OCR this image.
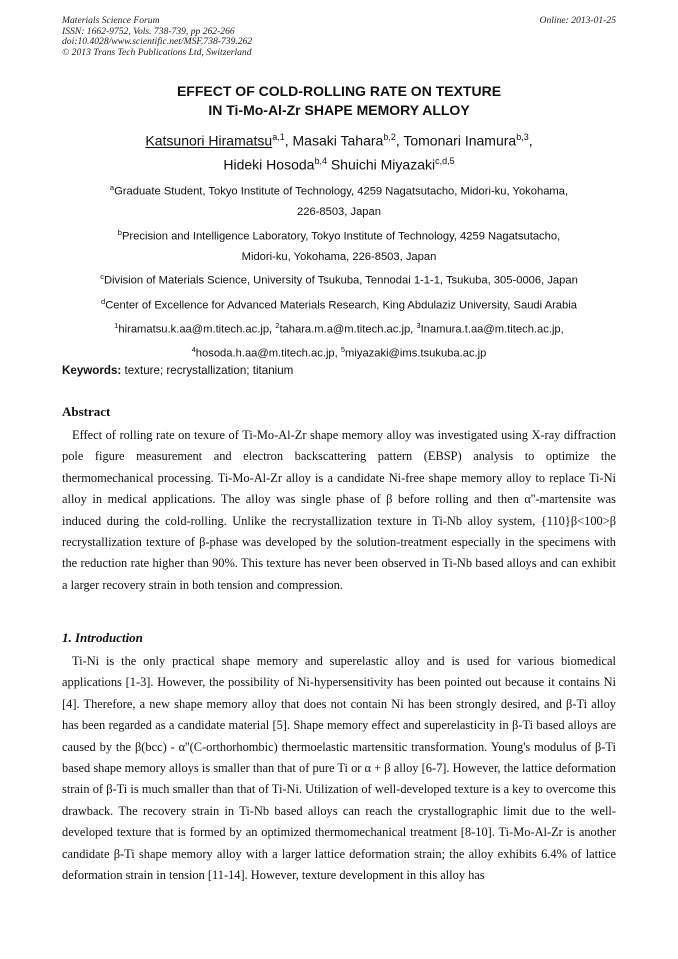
Materials Science Forum
ISSN: 1662-9752, Vols. 738-739, pp 262-266
doi:10.4028/www.scientific.net/MSF.738-739.262
© 2013 Trans Tech Publications Ltd, Switzerland
Online: 2013-01-25
EFFECT OF COLD-ROLLING RATE ON TEXTURE
IN Ti-Mo-Al-Zr SHAPE MEMORY ALLOY
Katsunori Hiramatsu$^{a,1}$, Masaki Tahara$^{b,2}$, Tomonari Inamura$^{b,3}$,
Hideki Hosoda$^{b,4}$ Shuichi Miyazaki$^{c,d,5}$

$^a$Graduate Student, Tokyo Institute of Technology, 4259 Nagatsutacho, Midori-ku, Yokohama,

226-8503, Japan

$^b$Precision and Intelligence Laboratory, Tokyo Institute of Technology, 4259 Nagatsutacho,

Midori-ku, Yokohama, 226-8503, Japan

$^c$Division of Materials Science, University of Tsukuba, Tennodai 1-1-1, Tsukuba, 305-0006, Japan

$^d$Center of Excellence for Advanced Materials Research, King Abdulaziz University, Saudi Arabia

$^1$hiramatsu.k.aa@m.titech.ac.jp, $^2$tahara.m.a@m.titech.ac.jp, $^3$Inamura.t.aa@m.titech.ac.jp,

$^4$hosoda.h.aa@m.titech.ac.jp, $^5$miyazaki@ims.tsukuba.ac.jp

Keywords: texture; recrystallization; titanium
Abstract

Effect of rolling rate on texure of Ti-Mo-Al-Zr shape memory alloy was investigated using X-ray diffraction pole figure measurement and electron backscattering pattern (EBSP) analysis to optimize the thermomechanical processing. Ti-Mo-Al-Zr alloy is a candidate Ni-free shape memory alloy to replace Ti-Ni alloy in medical applications. The alloy was single phase of β before rolling and then α''-martensite was induced during the cold-rolling. Unlike the recrystallization texture in Ti-Nb alloy system, {110}β<100>β recrystallization texture of β-phase was developed by the solution-treatment especially in the specimens with the reduction rate higher than 90%. This texture has never been observed in Ti-Nb based alloys and can exhibit a larger recovery strain in both tension and compression.

1. Introduction

Ti-Ni is the only practical shape memory and superelastic alloy and is used for various biomedical applications [1-3]. However, the possibility of Ni-hypersensitivity has been pointed out because it contains Ni [4]. Therefore, a new shape memory alloy that does not contain Ni has been strongly desired, and β-Ti alloy has been regarded as a candidate material [5]. Shape memory effect and superelasticity in β-Ti based alloys are caused by the β(bcc) - α''(C-orthorhombic) thermoelastic martensitic transformation. Young's modulus of β-Ti based shape memory alloys is smaller than that of pure Ti or α + β alloy [6-7]. However, the lattice deformation strain of β-Ti is much smaller than that of Ti-Ni. Utilization of well-developed texture is a key to overcome this drawback. The recovery strain in Ti-Nb based alloys can reach the crystallographic limit due to the well-developed texture that is formed by an optimized thermomechanical treatment [8-10]. Ti-Mo-Al-Zr is another candidate β-Ti shape memory alloy with a larger lattice deformation strain; the alloy exhibits 6.4% of lattice deformation strain in tension [11-14]. However, texture development in this alloy has
